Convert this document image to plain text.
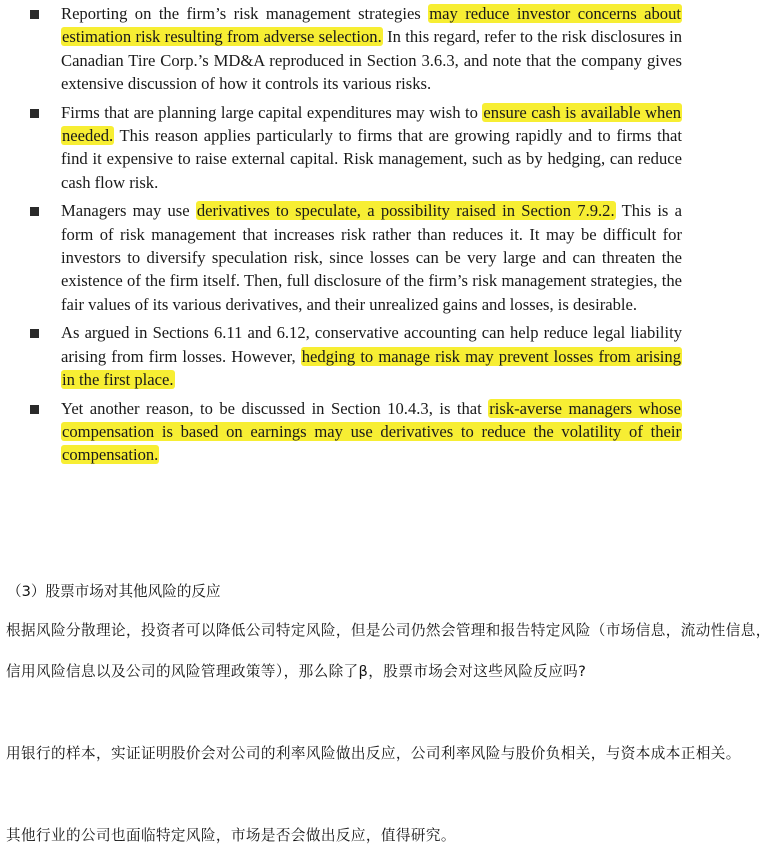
Reporting on the firm’s risk management strategies may reduce investor concerns about estimation risk resulting from adverse selection. In this regard, refer to the risk disclosures in Canadian Tire Corp.’s MD&A reproduced in Section 3.6.3, and note that the company gives extensive discussion of how it controls its various risks.
Firms that are planning large capital expenditures may wish to ensure cash is available when needed. This reason applies particularly to firms that are growing rapidly and to firms that find it expensive to raise external capital. Risk management, such as by hedging, can reduce cash flow risk.
Managers may use derivatives to speculate, a possibility raised in Section 7.9.2. This is a form of risk management that increases risk rather than reduces it. It may be difficult for investors to diversify speculation risk, since losses can be very large and can threaten the existence of the firm itself. Then, full disclosure of the firm’s risk management strategies, the fair values of its various derivatives, and their unrealized gains and losses, is desirable.
As argued in Sections 6.11 and 6.12, conservative accounting can help reduce legal liability arising from firm losses. However, hedging to manage risk may prevent losses from arising in the first place.
Yet another reason, to be discussed in Section 10.4.3, is that risk-averse managers whose compensation is based on earnings may use derivatives to reduce the volatility of their compensation.
（3）股票市场对其他风险的反应

根据风险分散理论，投资者可以降低公司特定风险，但是公司仍然会管理和报告特定风险（市场信息，流动性信息，信用风险信息以及公司的风险管理政策等），那么除了β，股票市场会对这些风险反应吗?

用银行的样本，实证证明股价会对公司的利率风险做出反应，公司利率风险与股价负相关，与资本成本正相关。

其他行业的公司也面临特定风险，市场是否会做出反应，值得研究。
